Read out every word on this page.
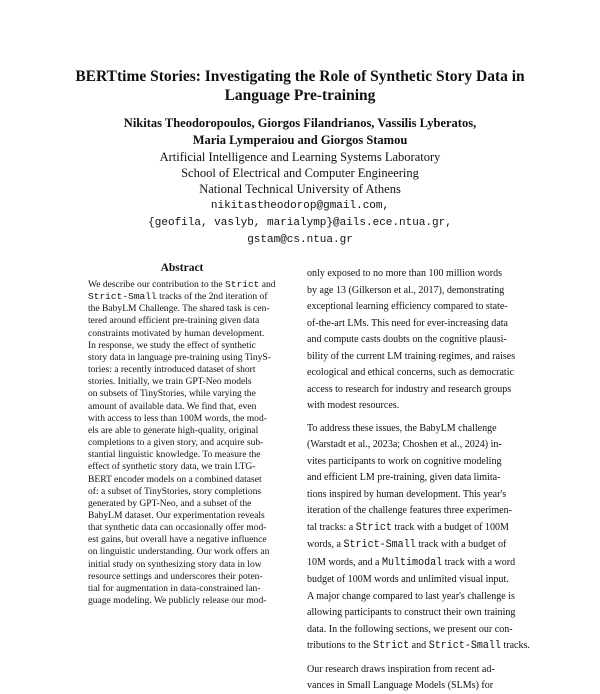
BERTtime Stories: Investigating the Role of Synthetic Story Data in
Language Pre-training
Nikitas Theodoropoulos, Giorgos Filandrianos, Vassilis Lyberatos,
Maria Lymperaiou and Giorgos Stamou
Artificial Intelligence and Learning Systems Laboratory
School of Electrical and Computer Engineering
National Technical University of Athens
nikitastheodorop@gmail.com,
{geofila, vaslyb, marialymp}@ails.ece.ntua.gr,
gstam@cs.ntua.gr
Abstract
We describe our contribution to the Strict and
Strict-Small tracks of the 2nd iteration of
the BabyLM Challenge. The shared task is cen-
tered around efficient pre-training given data
constraints motivated by human development.
In response, we study the effect of synthetic
story data in language pre-training using TinyS-
tories: a recently introduced dataset of short
stories. Initially, we train GPT-Neo models
on subsets of TinyStories, while varying the
amount of available data. We find that, even
with access to less than 100M words, the mod-
els are able to generate high-quality, original
completions to a given story, and acquire sub-
stantial linguistic knowledge. To measure the
effect of synthetic story data, we train LTG-
BERT encoder models on a combined dataset
of: a subset of TinyStories, story completions
generated by GPT-Neo, and a subset of the
BabyLM dataset. Our experimentation reveals
that synthetic data can occasionally offer mod-
est gains, but overall have a negative influence
on linguistic understanding. Our work offers an
initial study on synthesizing story data in low
resource settings and underscores their poten-
tial for augmentation in data-constrained lan-
guage modeling. We publicly release our mod-
only exposed to no more than 100 million words
by age 13 (Gilkerson et al., 2017), demonstrating
exceptional learning efficiency compared to state-
of-the-art LMs. This need for ever-increasing data
and compute casts doubts on the cognitive plausi-
bility of the current LM training regimes, and raises
ecological and ethical concerns, such as democratic
access to research for industry and research groups
with modest resources.

To address these issues, the BabyLM challenge
(Warstadt et al., 2023a; Choshen et al., 2024) in-
vites participants to work on cognitive modeling
and efficient LM pre-training, given data limita-
tions inspired by human development. This year's
iteration of the challenge features three experimen-
tal tracks: a Strict track with a budget of 100M
words, a Strict-Small track with a budget of
10M words, and a Multimodal track with a word
budget of 100M words and unlimited visual input.
A major change compared to last year's challenge is
allowing participants to construct their own training
data. In the following sections, we present our con-
tributions to the Strict and Strict-Small tracks.

Our research draws inspiration from recent ad-
vances in Small Language Models (SLMs) for
